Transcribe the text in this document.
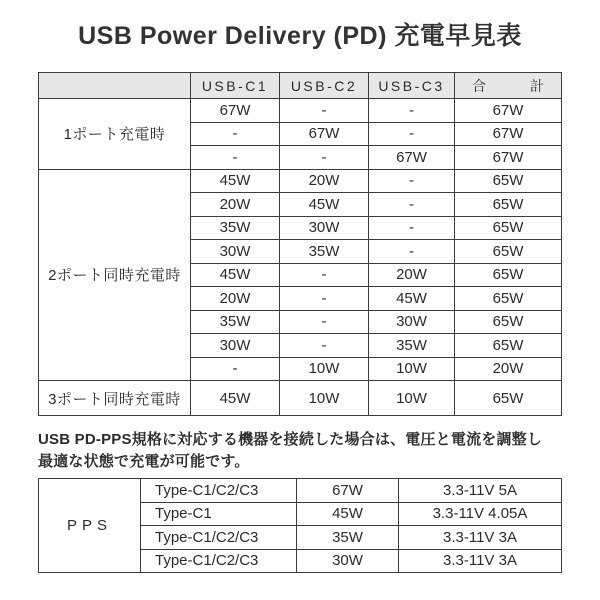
USB Power Delivery (PD) 充電早見表
	USB-C1	USB-C2	USB-C3	合 計

1ポート充電時	67W	-	-	67W
	-	67W	-	67W
	-	-	67W	67W
2ポート同時充電時	45W	20W	-	65W
	20W	45W	-	65W
	35W	30W	-	65W
	30W	35W	-	65W
	45W	-	20W	65W
	20W	-	45W	65W
	35W	-	30W	65W
	30W	-	35W	65W
	-	10W	10W	20W
3ポート同時充電時	45W	10W	10W	65W
USB PD-PPS規格に対応する機器を接続した場合は、電圧と電流を調整し
最適な状態で充電が可能です。
PPS	Type-C1/C2/C3	67W	3.3-11V 5A
	Type-C1	45W	3.3-11V 4.05A
	Type-C1/C2/C3	35W	3.3-11V 3A
	Type-C1/C2/C3	30W	3.3-11V 3A
